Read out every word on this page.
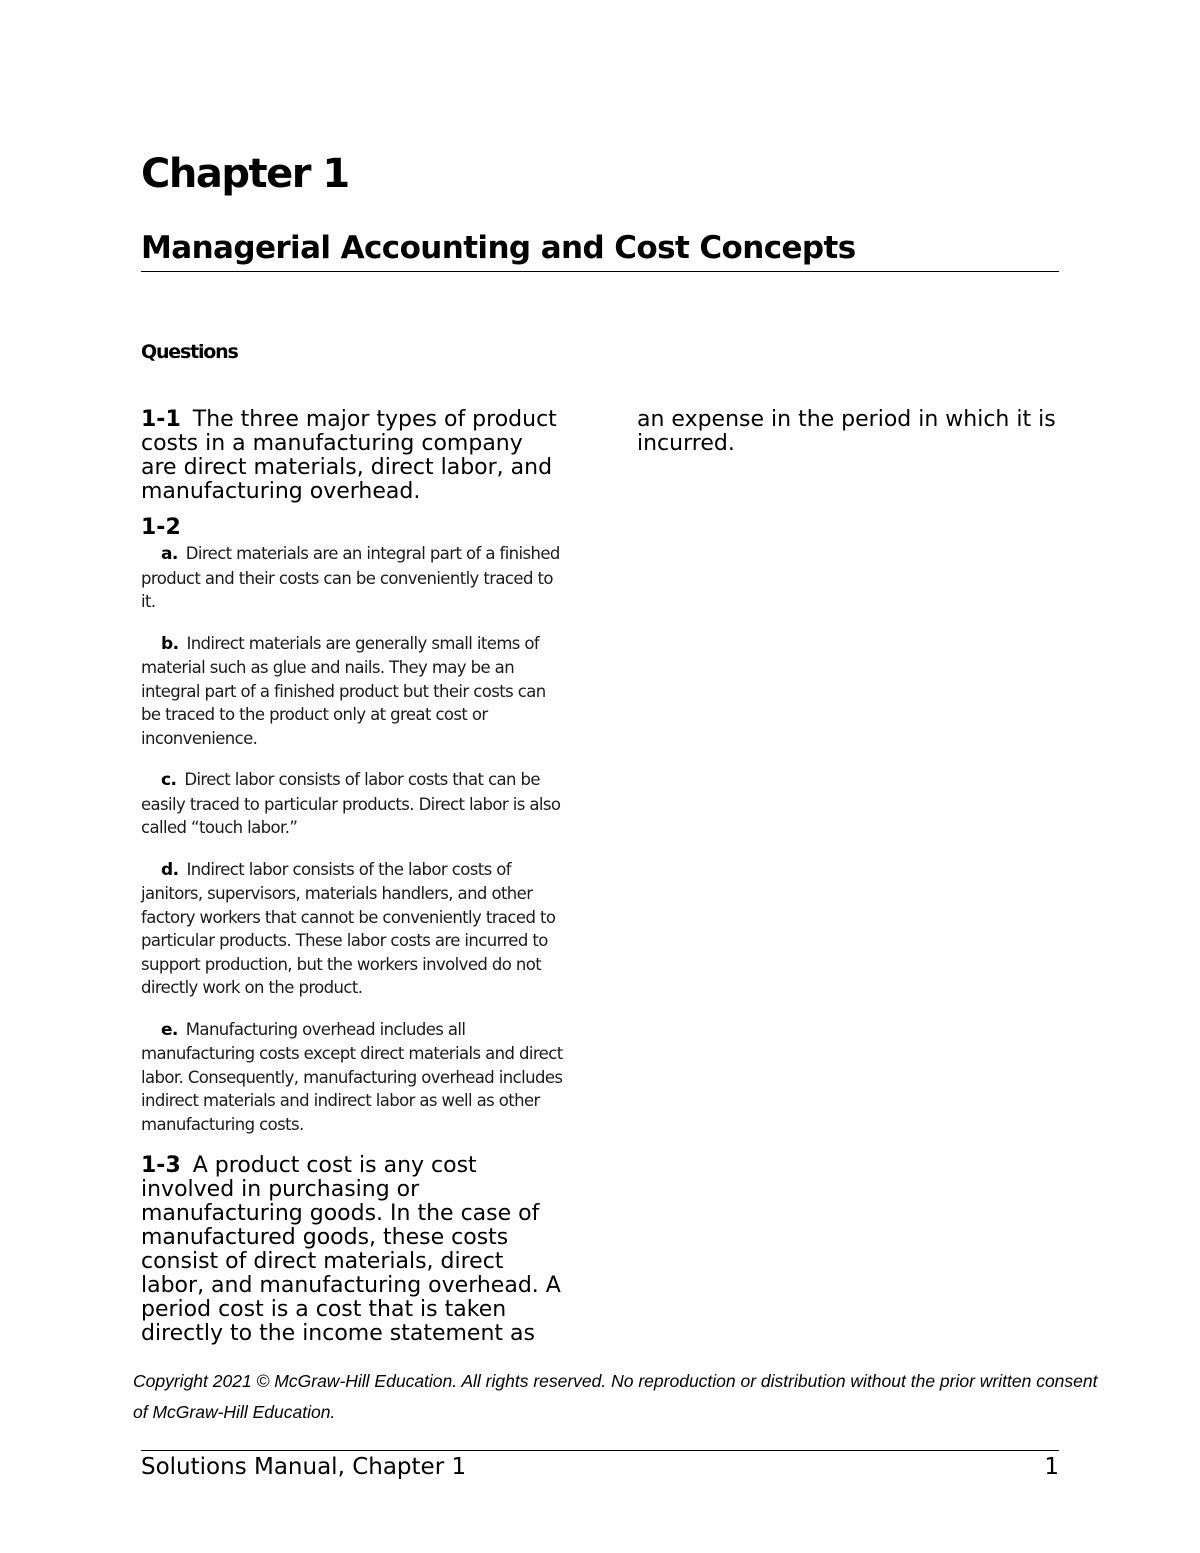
Chapter 1
Managerial Accounting and Cost Concepts
Questions

1-1 The three major types of product costs in a manufacturing company are direct materials, direct labor, and manufacturing overhead.

1-2

a. Direct materials are an integral part of a finished product and their costs can be conveniently traced to it.

b. Indirect materials are generally small items of material such as glue and nails. They may be an integral part of a finished product but their costs can be traced to the product only at great cost or inconvenience.

c. Direct labor consists of labor costs that can be easily traced to particular products. Direct labor is also called “touch labor.”

d. Indirect labor consists of the labor costs of janitors, supervisors, materials handlers, and other factory workers that cannot be conveniently traced to particular products. These labor costs are incurred to support production, but the workers involved do not directly work on the product.

e. Manufacturing overhead includes all manufacturing costs except direct materials and direct labor. Consequently, manufacturing overhead includes indirect materials and indirect labor as well as other manufacturing costs.

1-3 A product cost is any cost involved in purchasing or manufacturing goods. In the case of manufactured goods, these costs consist of direct materials, direct labor, and manufacturing overhead. A period cost is a cost that is taken directly to the income statement as an expense in the period in which it is incurred.

Copyright 2021 © McGraw-Hill Education. All rights reserved. No reproduction or distribution without the prior written consent of McGraw-Hill Education.

Solutions Manual, Chapter 1	1
